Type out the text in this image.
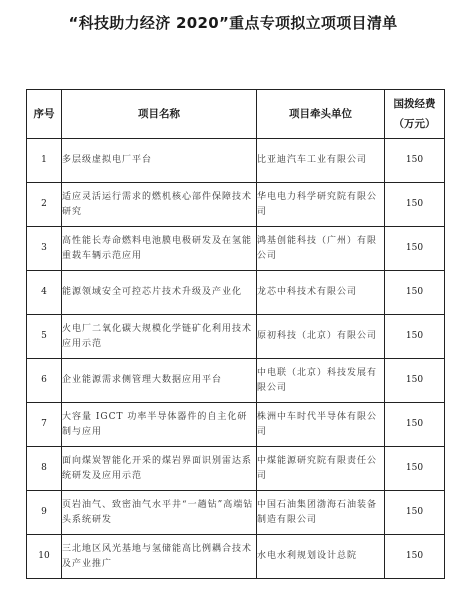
“科技助力经济 2020”重点专项拟立项项目清单
序号	项目名称	项目牵头单位	国拨经费
（万元）

1	多层级虚拟电厂平台	比亚迪汽车工业有限公司	150
2	适应灵活运行需求的燃机核心部件保障技术研究	华电电力科学研究院有限公司	150
3	高性能长寿命燃料电池膜电极研发及在氢能重载车辆示范应用	鸿基创能科技（广州）有限公司	150
4	能源领域安全可控芯片技术升级及产业化	龙芯中科技术有限公司	150
5	火电厂二氧化碳大规模化学链矿化利用技术应用示范	原初科技（北京）有限公司	150
6	企业能源需求侧管理大数据应用平台	中电联（北京）科技发展有限公司	150
7	大容量 IGCT 功率半导体器件的自主化研制与应用	株洲中车时代半导体有限公司	150
8	面向煤炭智能化开采的煤岩界面识别雷达系统研发及应用示范	中煤能源研究院有限责任公司	150
9	页岩油气、致密油气水平井“一趟钻”高端钻头系统研发	中国石油集团渤海石油装备制造有限公司	150
10	三北地区风光基地与氢储能高比例耦合技术及产业推广	水电水利规划设计总院	150
